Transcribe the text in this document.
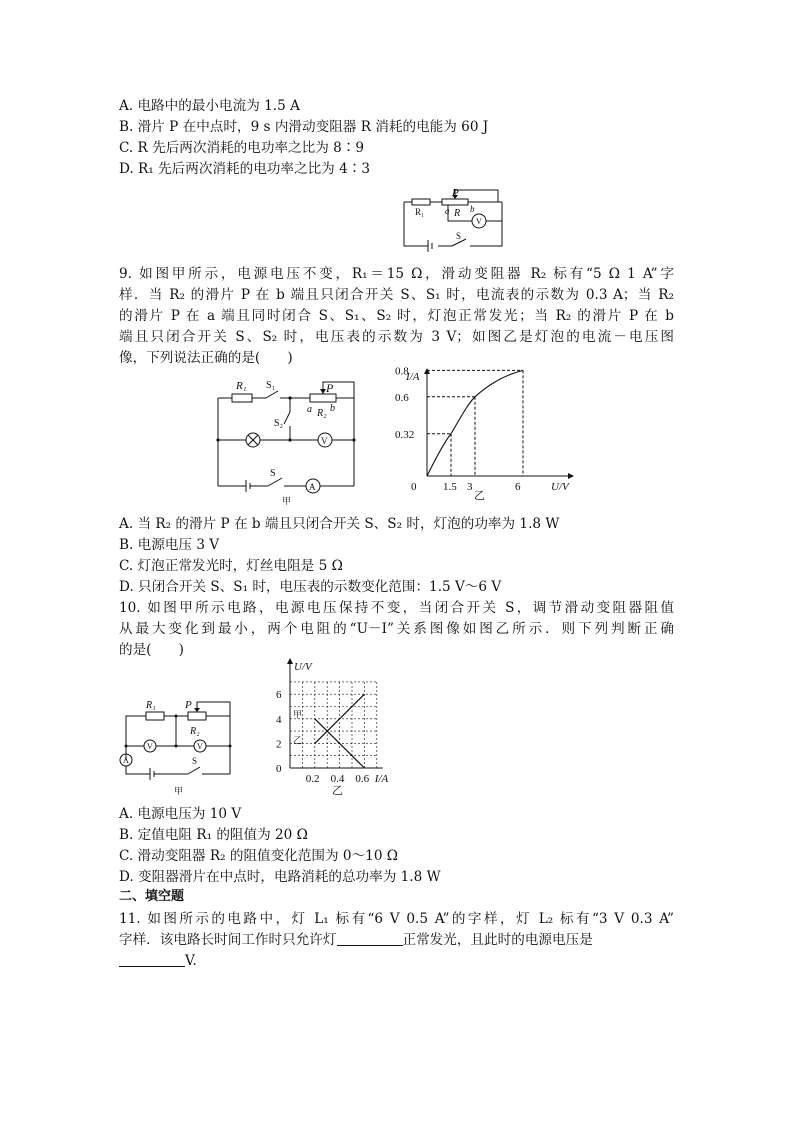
A. 电路中的最小电流为 1.5 A
B. 滑片 P 在中点时，9 s 内滑动变阻器 R 消耗的电能为 60 J
C. R 先后两次消耗的电功率之比为 8∶9
D. R₁ 先后两次消耗的电功率之比为 4∶3
P
R₁ a R b
V
S
9. 如图甲所示，电源电压不变，R₁＝15 Ω，滑动变阻器 R₂ 标有“5 Ω 1 A”字
样．当 R₂ 的滑片 P 在 b 端且只闭合开关 S、S₁ 时，电流表的示数为 0.3 A；当 R₂
的滑片 P 在 a 端且同时闭合 S、S₁、S₂ 时，灯泡正常发光；当 R₂ 的滑片 P 在 b
端且只闭合开关 S、S₂ 时，电压表的示数为 3 V；如图乙是灯泡的电流－电压图
像，下列说法正确的是(　　)
R₁ S₁	P
a R₂ b
S₂
V
S
A
甲
0 1.5 3	6
0.32
0.6
0.8
U/V
I/A
乙
A. 当 R₂ 的滑片 P 在 b 端且只闭合开关 S、S₂ 时，灯泡的功率为 1.8 W
B. 电源电压 3 V
C. 灯泡正常发光时，灯丝电阻是 5 Ω
D. 只闭合开关 S、S₁ 时，电压表的示数变化范围：1.5 V～6 V
10. 如图甲所示电路，电源电压保持不变，当闭合开关 S，调节滑动变阻器阻值
从最大变化到最小，两个电阻的“U－I”关系图像如图乙所示．则下列判断正确
的是(　　)
R₁	P
R₂
V	V
A	S
甲
甲
乙
0
2
4
6
0.2 0.4 0.6 I/A
U/V
乙
A. 电源电压为 10 V
B. 定值电阻 R₁ 的阻值为 20 Ω
C. 滑动变阻器 R₂ 的阻值变化范围为 0～10 Ω
D. 变阻器滑片在中点时，电路消耗的总功率为 1.8 W
二、填空题
11. 如图所示的电路中，灯 L₁ 标有“6 V 0.5 A”的字样，灯 L₂ 标有“3 V 0.3 A”
字样．该电路长时间工作时只允许灯	正常发光，且此时的电源电压是
V.
